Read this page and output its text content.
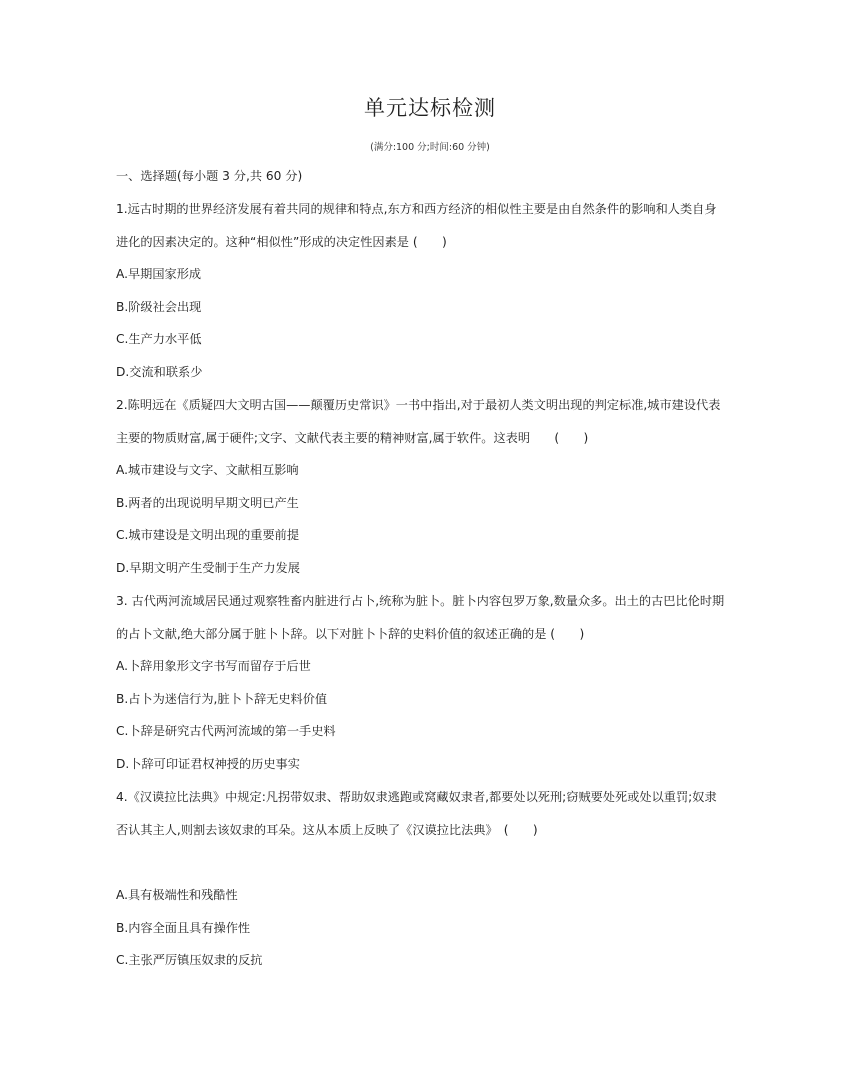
单元达标检测
(满分:100 分;时间:60 分钟)
一、选择题(每小题 3 分,共 60 分)
1.远古时期的世界经济发展有着共同的规律和特点,东方和西方经济的相似性主要是由自然条件的影响和人类自身
进化的因素决定的。这种“相似性”形成的决定性因素是 (　　)
A.早期国家形成
B.阶级社会出现
C.生产力水平低
D.交流和联系少
2.陈明远在《质疑四大文明古国——颠覆历史常识》一书中指出,对于最初人类文明出现的判定标准,城市建设代表
主要的物质财富,属于硬件;文字、文献代表主要的精神财富,属于软件。这表明　　(　　)
A.城市建设与文字、文献相互影响
B.两者的出现说明早期文明已产生
C.城市建设是文明出现的重要前提
D.早期文明产生受制于生产力发展
3. 古代两河流域居民通过观察牲畜内脏进行占卜,统称为脏卜。脏卜内容包罗万象,数量众多。出土的古巴比伦时期
的占卜文献,绝大部分属于脏卜卜辞。以下对脏卜卜辞的史料价值的叙述正确的是 (　　)
A.卜辞用象形文字书写而留存于后世
B.占卜为迷信行为,脏卜卜辞无史料价值
C.卜辞是研究古代两河流域的第一手史料
D.卜辞可印证君权神授的历史事实
4.《汉谟拉比法典》中规定:凡拐带奴隶、帮助奴隶逃跑或窝藏奴隶者,都要处以死刑;窃贼要处死或处以重罚;奴隶
否认其主人,则割去该奴隶的耳朵。这从本质上反映了《汉谟拉比法典》　(　　)
A.具有极端性和残酷性
B.内容全面且具有操作性
C.主张严厉镇压奴隶的反抗
